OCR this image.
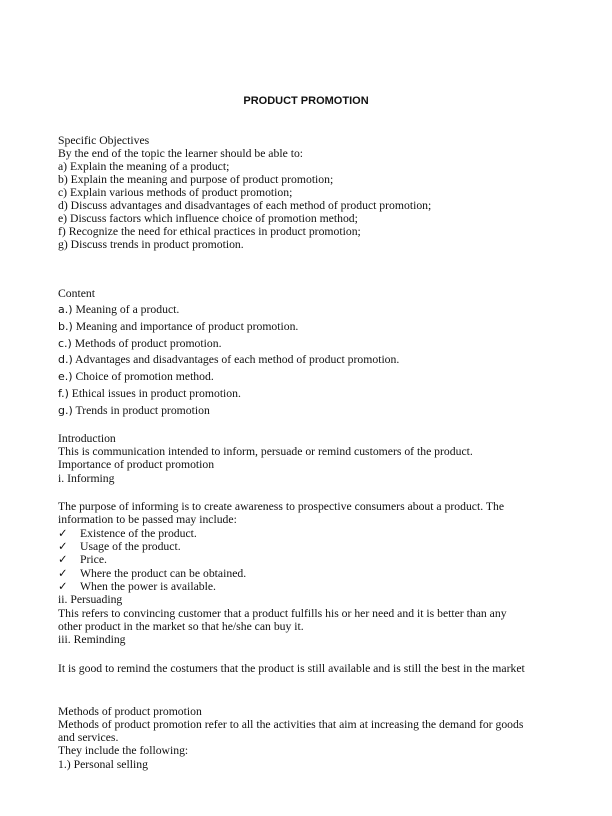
PRODUCT PROMOTION
Specific Objectives
By the end of the topic the learner should be able to:
a) Explain the meaning of a product;
b) Explain the meaning and purpose of product promotion;
c) Explain various methods of product promotion;
d) Discuss advantages and disadvantages of each method of product promotion;
e) Discuss factors which influence choice of promotion method;
f) Recognize the need for ethical practices in product promotion;
g) Discuss trends in product promotion.
Content
a.) Meaning of a product.
b.) Meaning and importance of product promotion.
c.) Methods of product promotion.
d.) Advantages and disadvantages of each method of product promotion.
e.) Choice of promotion method.
f.) Ethical issues in product promotion.
g.) Trends in product promotion
Introduction
This is communication intended to inform, persuade or remind customers of the product.
Importance of product promotion
i. Informing
The purpose of informing is to create awareness to prospective consumers about a product. The
information to be passed may include:
✓ Existence of the product.
✓ Usage of the product.
✓ Price.
✓ Where the product can be obtained.
✓ When the power is available.
ii. Persuading
This refers to convincing customer that a product fulfills his or her need and it is better than any
other product in the market so that he/she can buy it.
iii. Reminding
It is good to remind the costumers that the product is still available and is still the best in the market
Methods of product promotion
Methods of product promotion refer to all the activities that aim at increasing the demand for goods
and services.
They include the following:
1.) Personal selling
